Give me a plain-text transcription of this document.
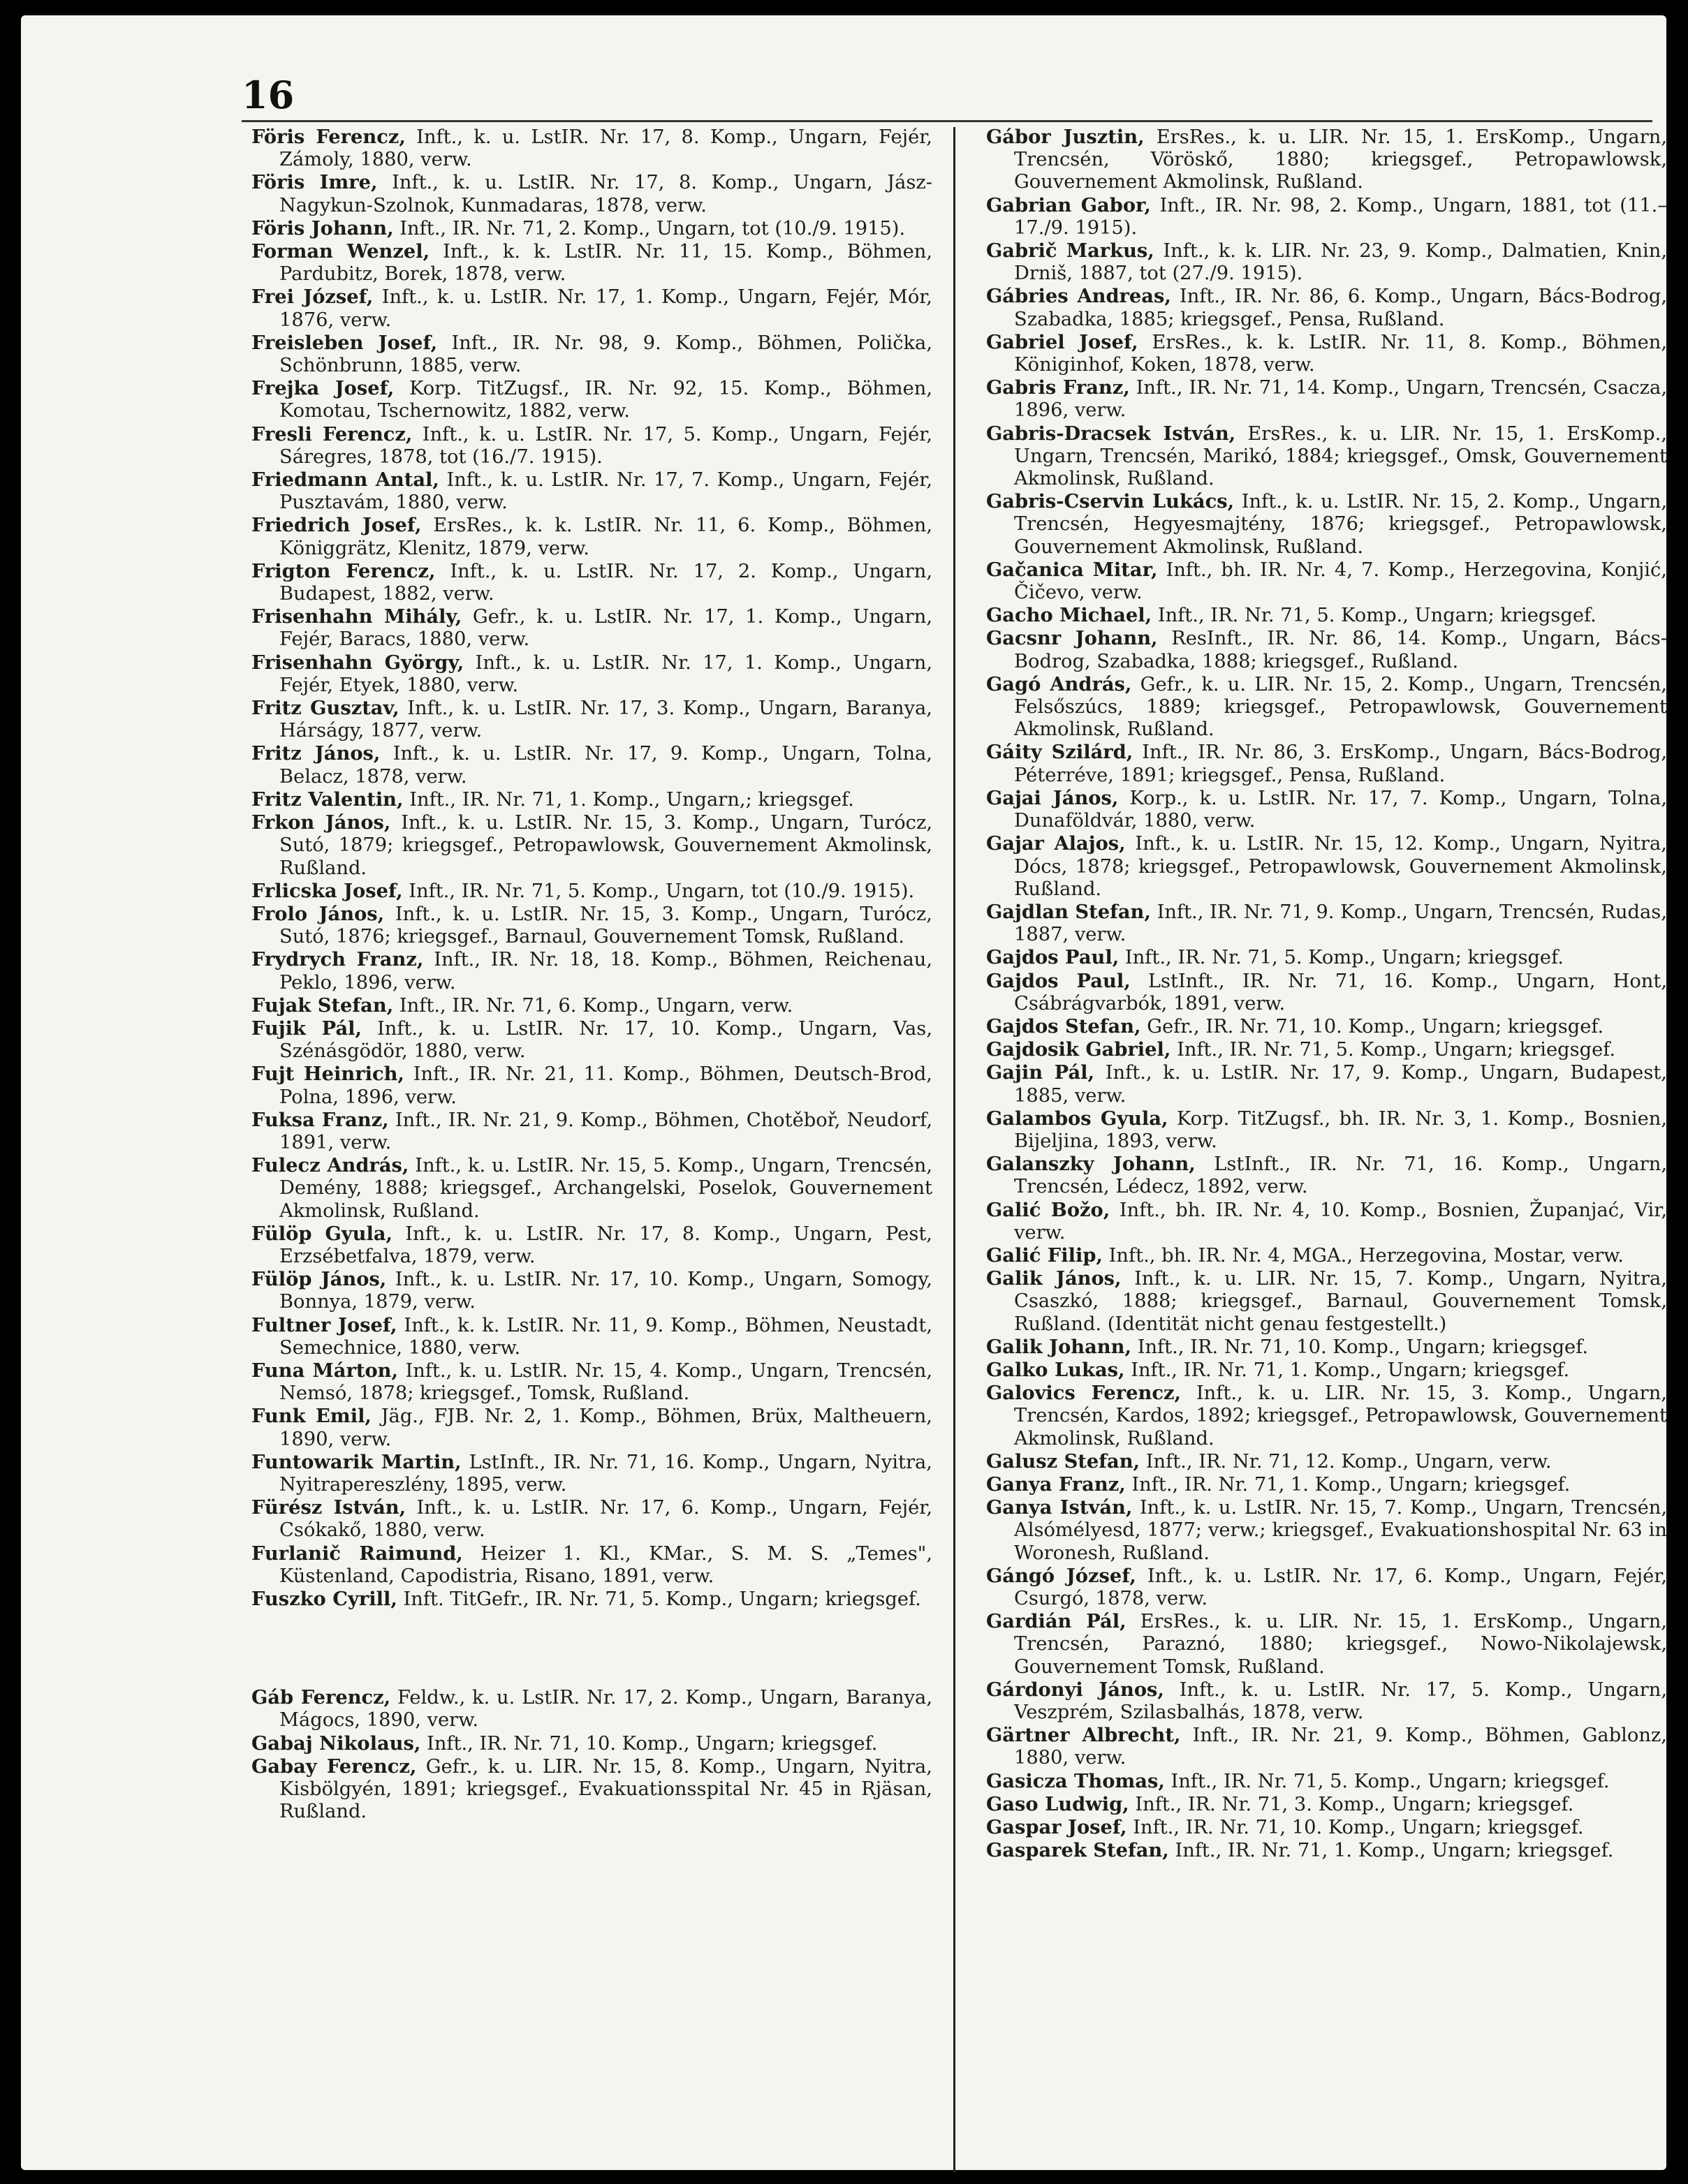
16

Föris Ferencz, Inft., k. u. LstIR. Nr. 17, 8. Komp., Ungarn, Fejér, Zámoly, 1880, verw.

Föris Imre, Inft., k. u. LstIR. Nr. 17, 8. Komp., Ungarn, Jász-Nagykun-Szolnok, Kunmadaras, 1878, verw.

Föris Johann, Inft., IR. Nr. 71, 2. Komp., Ungarn, tot (10./9. 1915).

Forman Wenzel, Inft., k. k. LstIR. Nr. 11, 15. Komp., Böhmen, Pardubitz, Borek, 1878, verw.

Frei József, Inft., k. u. LstIR. Nr. 17, 1. Komp., Ungarn, Fejér, Mór, 1876, verw.

Freisleben Josef, Inft., IR. Nr. 98, 9. Komp., Böhmen, Polička, Schönbrunn, 1885, verw.

Frejka Josef, Korp. TitZugsf., IR. Nr. 92, 15. Komp., Böhmen, Komotau, Tschernowitz, 1882, verw.

Fresli Ferencz, Inft., k. u. LstIR. Nr. 17, 5. Komp., Ungarn, Fejér, Sáregres, 1878, tot (16./7. 1915).

Friedmann Antal, Inft., k. u. LstIR. Nr. 17, 7. Komp., Ungarn, Fejér, Pusztavám, 1880, verw.

Friedrich Josef, ErsRes., k. k. LstIR. Nr. 11, 6. Komp., Böhmen, Königgrätz, Klenitz, 1879, verw.

Frigton Ferencz, Inft., k. u. LstIR. Nr. 17, 2. Komp., Ungarn, Budapest, 1882, verw.

Frisenhahn Mihály, Gefr., k. u. LstIR. Nr. 17, 1. Komp., Ungarn, Fejér, Baracs, 1880, verw.

Frisenhahn György, Inft., k. u. LstIR. Nr. 17, 1. Komp., Ungarn, Fejér, Etyek, 1880, verw.

Fritz Gusztav, Inft., k. u. LstIR. Nr. 17, 3. Komp., Ungarn, Baranya, Hárságy, 1877, verw.

Fritz János, Inft., k. u. LstIR. Nr. 17, 9. Komp., Ungarn, Tolna, Belacz, 1878, verw.

Fritz Valentin, Inft., IR. Nr. 71, 1. Komp., Ungarn,; kriegsgef.

Frkon János, Inft., k. u. LstIR. Nr. 15, 3. Komp., Ungarn, Turócz, Sutó, 1879; kriegsgef., Petropawlowsk, Gouvernement Akmolinsk, Rußland.

Frlicska Josef, Inft., IR. Nr. 71, 5. Komp., Ungarn, tot (10./9. 1915).

Frolo János, Inft., k. u. LstIR. Nr. 15, 3. Komp., Ungarn, Turócz, Sutó, 1876; kriegsgef., Barnaul, Gouvernement Tomsk, Rußland.

Frydrych Franz, Inft., IR. Nr. 18, 18. Komp., Böhmen, Reichenau, Peklo, 1896, verw.

Fujak Stefan, Inft., IR. Nr. 71, 6. Komp., Ungarn, verw.

Fujik Pál, Inft., k. u. LstIR. Nr. 17, 10. Komp., Ungarn, Vas, Szénásgödör, 1880, verw.

Fujt Heinrich, Inft., IR. Nr. 21, 11. Komp., Böhmen, Deutsch-Brod, Polna, 1896, verw.

Fuksa Franz, Inft., IR. Nr. 21, 9. Komp., Böhmen, Chotěboř, Neudorf, 1891, verw.

Fulecz András, Inft., k. u. LstIR. Nr. 15, 5. Komp., Ungarn, Trencsén, Demény, 1888; kriegsgef., Archangelski, Poselok, Gouvernement Akmolinsk, Rußland.

Fülöp Gyula, Inft., k. u. LstIR. Nr. 17, 8. Komp., Ungarn, Pest, Erzsébetfalva, 1879, verw.

Fülöp János, Inft., k. u. LstIR. Nr. 17, 10. Komp., Ungarn, Somogy, Bonnya, 1879, verw.

Fultner Josef, Inft., k. k. LstIR. Nr. 11, 9. Komp., Böhmen, Neustadt, Semechnice, 1880, verw.

Funa Márton, Inft., k. u. LstIR. Nr. 15, 4. Komp., Ungarn, Trencsén, Nemsó, 1878; kriegsgef., Tomsk, Rußland.

Funk Emil, Jäg., FJB. Nr. 2, 1. Komp., Böhmen, Brüx, Maltheuern, 1890, verw.

Funtowarik Martin, LstInft., IR. Nr. 71, 16. Komp., Ungarn, Nyitra, Nyitrapereszlény, 1895, verw.

Fürész István, Inft., k. u. LstIR. Nr. 17, 6. Komp., Ungarn, Fejér, Csókakő, 1880, verw.

Furlanič Raimund, Heizer 1. Kl., KMar., S. M. S. „Temes", Küstenland, Capodistria, Risano, 1891, verw.

Fuszko Cyrill, Inft. TitGefr., IR. Nr. 71, 5. Komp., Ungarn; kriegsgef.

Gáb Ferencz, Feldw., k. u. LstIR. Nr. 17, 2. Komp., Ungarn, Baranya, Mágocs, 1890, verw.

Gabaj Nikolaus, Inft., IR. Nr. 71, 10. Komp., Ungarn; kriegsgef.

Gabay Ferencz, Gefr., k. u. LIR. Nr. 15, 8. Komp., Ungarn, Nyitra, Kisbölgyén, 1891; kriegsgef., Evakuationsspital Nr. 45 in Rjäsan, Rußland.

Gábor Jusztin, ErsRes., k. u. LIR. Nr. 15, 1. ErsKomp., Ungarn, Trencsén, Vöröskő, 1880; kriegsgef., Petropawlowsk, Gouvernement Akmolinsk, Rußland.

Gabrian Gabor, Inft., IR. Nr. 98, 2. Komp., Ungarn, 1881, tot (11.–17./9. 1915).

Gabrič Markus, Inft., k. k. LIR. Nr. 23, 9. Komp., Dalmatien, Knin, Drniš, 1887, tot (27./9. 1915).

Gábries Andreas, Inft., IR. Nr. 86, 6. Komp., Ungarn, Bács-Bodrog, Szabadka, 1885; kriegsgef., Pensa, Rußland.

Gabriel Josef, ErsRes., k. k. LstIR. Nr. 11, 8. Komp., Böhmen, Königinhof, Koken, 1878, verw.

Gabris Franz, Inft., IR. Nr. 71, 14. Komp., Ungarn, Trencsén, Csacza, 1896, verw.

Gabris-Dracsek István, ErsRes., k. u. LIR. Nr. 15, 1. ErsKomp., Ungarn, Trencsén, Marikó, 1884; kriegsgef., Omsk, Gouvernement Akmolinsk, Rußland.

Gabris-Cservin Lukács, Inft., k. u. LstIR. Nr. 15, 2. Komp., Ungarn, Trencsén, Hegyesmajtény, 1876; kriegsgef., Petropawlowsk, Gouvernement Akmolinsk, Rußland.

Gačanica Mitar, Inft., bh. IR. Nr. 4, 7. Komp., Herzegovina, Konjić, Čičevo, verw.

Gacho Michael, Inft., IR. Nr. 71, 5. Komp., Ungarn; kriegsgef.

Gacsnr Johann, ResInft., IR. Nr. 86, 14. Komp., Ungarn, Bács-Bodrog, Szabadka, 1888; kriegsgef., Rußland.

Gagó András, Gefr., k. u. LIR. Nr. 15, 2. Komp., Ungarn, Trencsén, Felsőszúcs, 1889; kriegsgef., Petropawlowsk, Gouvernement Akmolinsk, Rußland.

Gáity Szilárd, Inft., IR. Nr. 86, 3. ErsKomp., Ungarn, Bács-Bodrog, Péterréve, 1891; kriegsgef., Pensa, Rußland.

Gajai János, Korp., k. u. LstIR. Nr. 17, 7. Komp., Ungarn, Tolna, Dunaföldvár, 1880, verw.

Gajar Alajos, Inft., k. u. LstIR. Nr. 15, 12. Komp., Ungarn, Nyitra, Dócs, 1878; kriegsgef., Petropawlowsk, Gouvernement Akmolinsk, Rußland.

Gajdlan Stefan, Inft., IR. Nr. 71, 9. Komp., Ungarn, Trencsén, Rudas, 1887, verw.

Gajdos Paul, Inft., IR. Nr. 71, 5. Komp., Ungarn; kriegsgef.

Gajdos Paul, LstInft., IR. Nr. 71, 16. Komp., Ungarn, Hont, Csábrágvarbók, 1891, verw.

Gajdos Stefan, Gefr., IR. Nr. 71, 10. Komp., Ungarn; kriegsgef.

Gajdosik Gabriel, Inft., IR. Nr. 71, 5. Komp., Ungarn; kriegsgef.

Gajin Pál, Inft., k. u. LstIR. Nr. 17, 9. Komp., Ungarn, Budapest, 1885, verw.

Galambos Gyula, Korp. TitZugsf., bh. IR. Nr. 3, 1. Komp., Bosnien, Bijeljina, 1893, verw.

Galanszky Johann, LstInft., IR. Nr. 71, 16. Komp., Ungarn, Trencsén, Lédecz, 1892, verw.

Galić Božo, Inft., bh. IR. Nr. 4, 10. Komp., Bosnien, Županjać, Vir, verw.

Galić Filip, Inft., bh. IR. Nr. 4, MGA., Herzegovina, Mostar, verw.

Galik János, Inft., k. u. LIR. Nr. 15, 7. Komp., Ungarn, Nyitra, Csaszkó, 1888; kriegsgef., Barnaul, Gouvernement Tomsk, Rußland. (Identität nicht genau festgestellt.)

Galik Johann, Inft., IR. Nr. 71, 10. Komp., Ungarn; kriegsgef.

Galko Lukas, Inft., IR. Nr. 71, 1. Komp., Ungarn; kriegsgef.

Galovics Ferencz, Inft., k. u. LIR. Nr. 15, 3. Komp., Ungarn, Trencsén, Kardos, 1892; kriegsgef., Petropawlowsk, Gouvernement Akmolinsk, Rußland.

Galusz Stefan, Inft., IR. Nr. 71, 12. Komp., Ungarn, verw.

Ganya Franz, Inft., IR. Nr. 71, 1. Komp., Ungarn; kriegsgef.

Ganya István, Inft., k. u. LstIR. Nr. 15, 7. Komp., Ungarn, Trencsén, Alsómélyesd, 1877; verw.; kriegsgef., Evakuationshospital Nr. 63 in Woronesh, Rußland.

Gángó József, Inft., k. u. LstIR. Nr. 17, 6. Komp., Ungarn, Fejér, Csurgó, 1878, verw.

Gardián Pál, ErsRes., k. u. LIR. Nr. 15, 1. ErsKomp., Ungarn, Trencsén, Paraznó, 1880; kriegsgef., Nowo-Nikolajewsk, Gouvernement Tomsk, Rußland.

Gárdonyi János, Inft., k. u. LstIR. Nr. 17, 5. Komp., Ungarn, Veszprém, Szilasbalhás, 1878, verw.

Gärtner Albrecht, Inft., IR. Nr. 21, 9. Komp., Böhmen, Gablonz, 1880, verw.

Gasicza Thomas, Inft., IR. Nr. 71, 5. Komp., Ungarn; kriegsgef.

Gaso Ludwig, Inft., IR. Nr. 71, 3. Komp., Ungarn; kriegsgef.

Gaspar Josef, Inft., IR. Nr. 71, 10. Komp., Ungarn; kriegsgef.

Gasparek Stefan, Inft., IR. Nr. 71, 1. Komp., Ungarn; kriegsgef.
